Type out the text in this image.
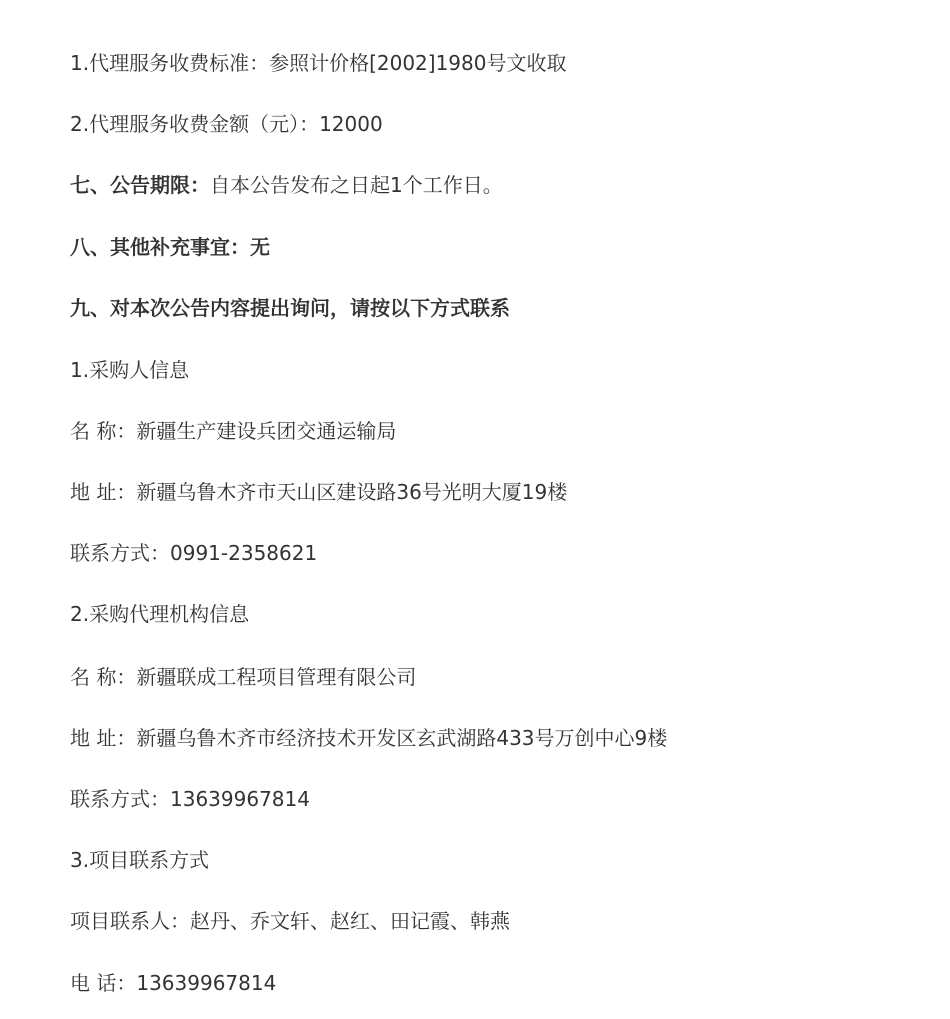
1.代理服务收费标准：参照计价格[2002]1980号文收取
2.代理服务收费金额（元）：12000
七、公告期限：自本公告发布之日起1个工作日。
八、其他补充事宜：无
九、对本次公告内容提出询问，请按以下方式联系
1.采购人信息
名 称：新疆生产建设兵团交通运输局
地 址：新疆乌鲁木齐市天山区建设路36号光明大厦19楼
联系方式：0991-2358621
2.采购代理机构信息
名 称：新疆联成工程项目管理有限公司
地 址：新疆乌鲁木齐市经济技术开发区玄武湖路433号万创中心9楼
联系方式：13639967814
3.项目联系方式
项目联系人：赵丹、乔文轩、赵红、田记霞、韩燕
电 话：13639967814
